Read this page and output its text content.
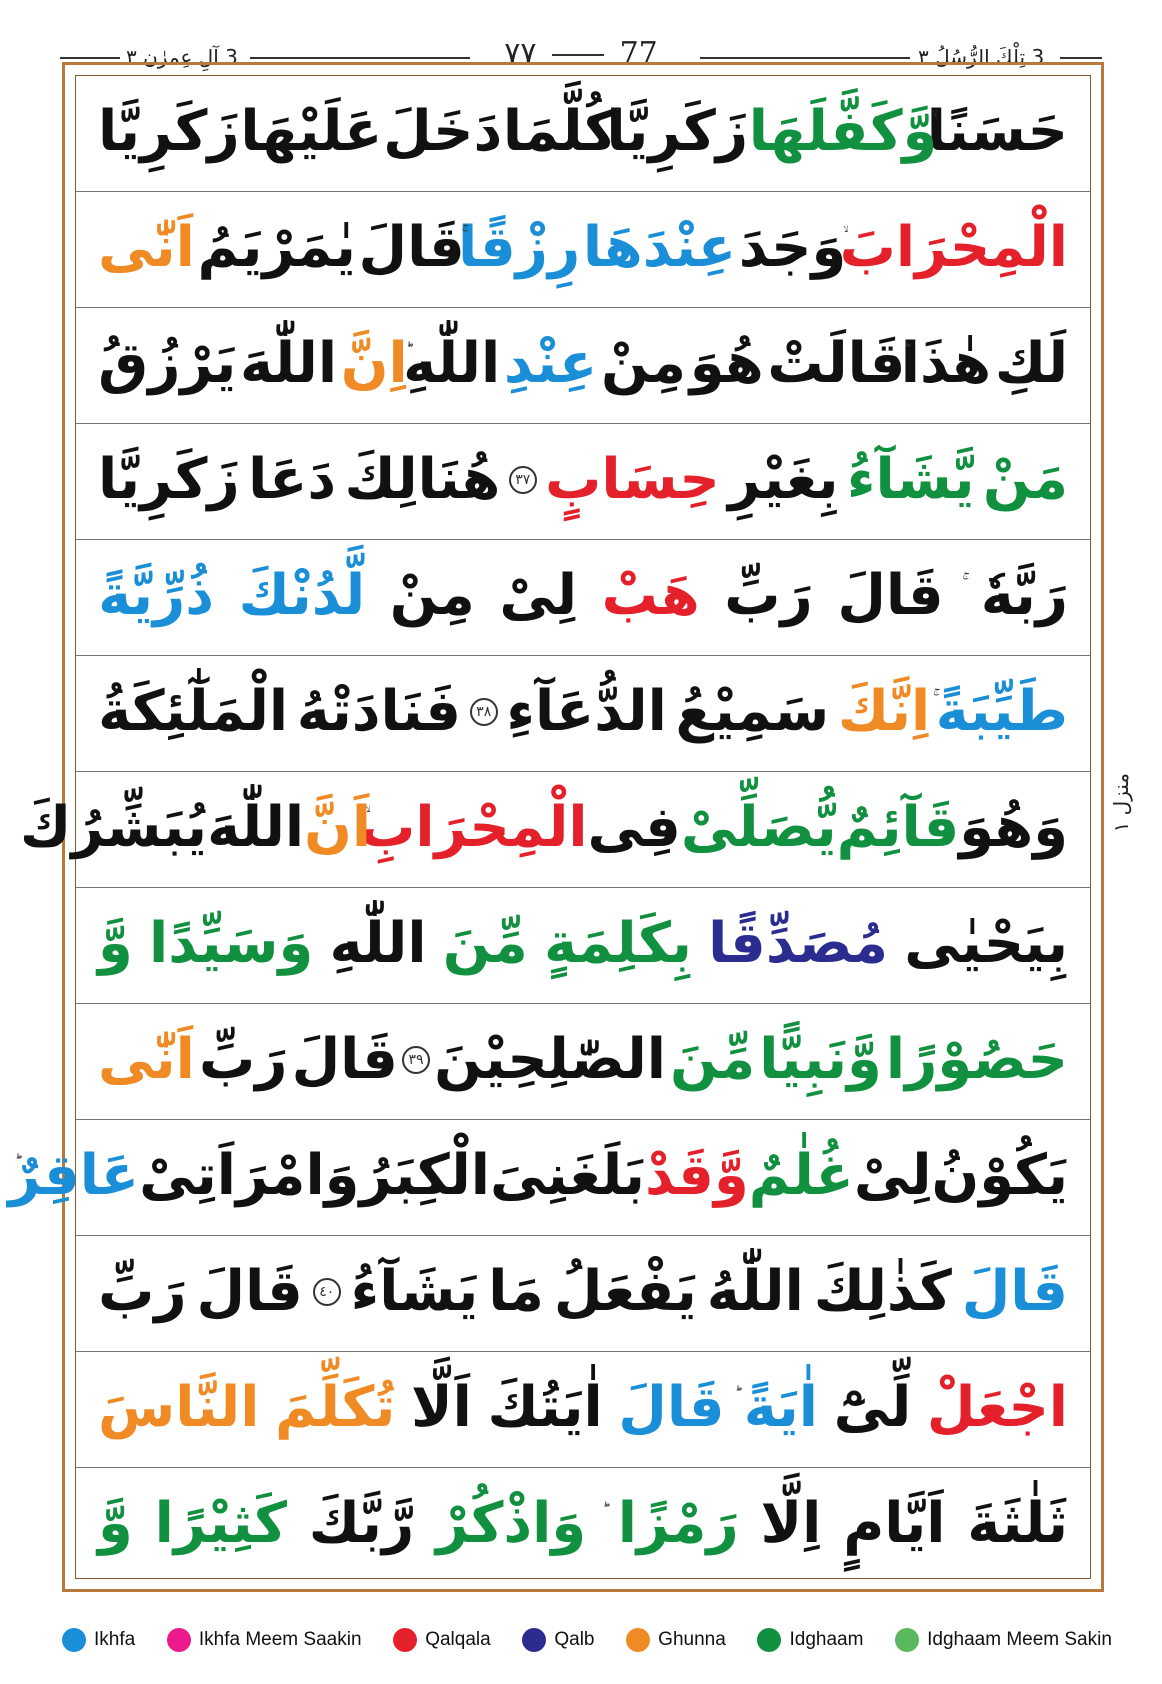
3 آلِ عِمرٰن ٣	٧٧	77	3 تِلْكَ الرُّسُلُ ٣
حَسَنًا
وَّكَفَّلَهَا
زَكَرِيَّا
كُلَّمَا
دَخَلَ
عَلَيْهَا
زَكَرِيَّا
الْمِحْرَابَ
وَجَدَ
عِنْدَهَا
رِزْقًا
قَالَ
يٰمَرْيَمُ
اَنّٰى
لَكِ
هٰذَا
قَالَتْ
هُوَ
مِنْ
عِنْدِ
اللّٰهِ
اِنَّ
اللّٰهَ
يَرْزُقُ
مَنْ
يَّشَآءُ
بِغَيْرِ
حِسَابٍ
٣٧
هُنَالِكَ
دَعَا
زَكَرِيَّا
رَبَّهٗ
قَالَ
رَبِّ
هَبْ
لِىْ
مِنْ
لَّدُنْكَ
ذُرِّيَّةً
طَيِّبَةً
اِنَّكَ
سَمِيْعُ
الدُّعَآءِ
٣٨
فَنَادَتْهُ
الْمَلٰٓئِكَةُ
وَهُوَ
قَآئِمٌ
يُّصَلِّىْ
فِى
الْمِحْرَابِ
اَنَّ
اللّٰهَ
يُبَشِّرُكَ
بِيَحْيٰى
مُصَدِّقًا
بِكَلِمَةٍ
مِّنَ
اللّٰهِ
وَسَيِّدًا
وَّ
حَصُوْرًا
وَّنَبِيًّا
مِّنَ
الصّٰلِحِيْنَ
٣٩
قَالَ
رَبِّ
اَنّٰى
يَكُوْنُ
لِىْ
غُلٰمٌ
وَّقَدْ
بَلَغَنِىَ
الْكِبَرُ
وَامْرَاَتِىْ
عَاقِرٌ
قَالَ
كَذٰلِكَ
اللّٰهُ
يَفْعَلُ
مَا
يَشَآءُ
٤٠
قَالَ
رَبِّ
اجْعَلْ
لِّىْٓ
اٰيَةً
قَالَ
اٰيَتُكَ
اَلَّا
تُكَلِّمَ
النَّاسَ
ثَلٰثَةَ
اَيَّامٍ
اِلَّا
رَمْزًا
وَاذْكُرْ
رَّبَّكَ
كَثِيْرًا
وَّ
منزل ١
Ikhfa	Ikhfa Meem Saakin	Qalqala	Qalb	Ghunna	Idghaam	Idghaam Meem Sakin
